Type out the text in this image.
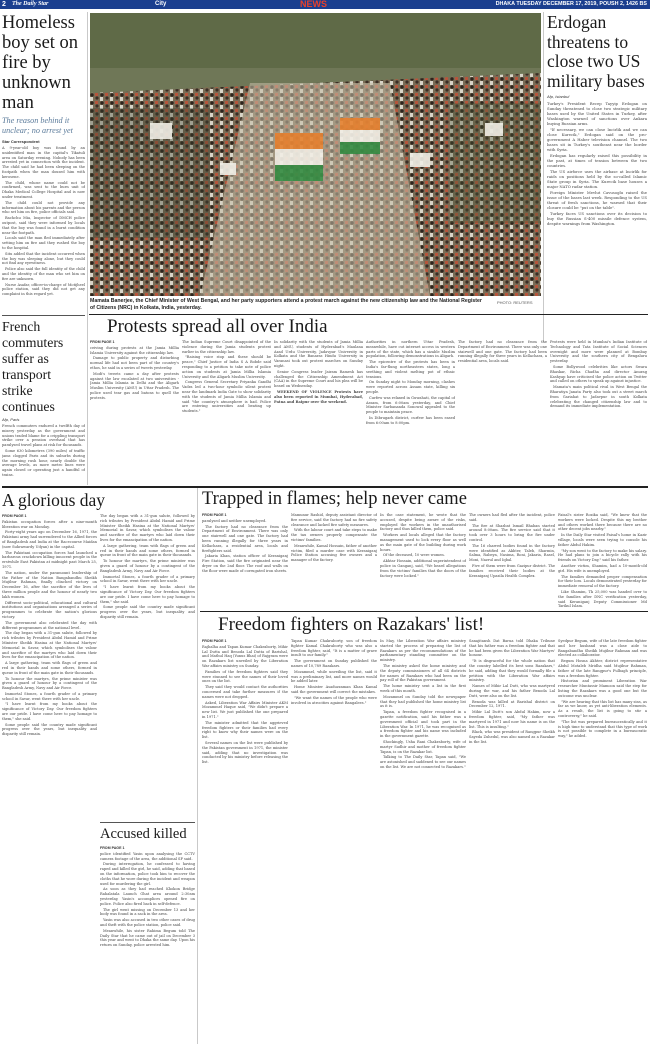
2 The Daily Star	City	NEWS	DHAKA TUESDAY DECEMBER 17, 2019, POUSH 2, 1426 BS
Homeless boy set on fire by unknown man
The reason behind it unclear; no arrest yet
Star Correspondent

A 9-year-old boy was found by an unidentified man in the capital's Tikatuli area on Saturday evening. Nobody has been arrested yet in connection with the incident. The child said he had been sleeping on the footpath when the man doused him with kerosene.

The child, whose name could not be confirmed, was sent to the burn unit of Dhaka Medical College Hospital and is now under treatment.

The child could not provide any information about his parents and the person who set him on fire, police officials said.

Bachchu Mia, Inspector of DMCH police outpost, said they were informed by locals that the boy was found in a burnt condition near the footpath.

Locals said the man fled immediately after setting him on fire and they rushed the boy to the hospital.

Situ added that the incident occurred when the boy was sleeping alone, but they could not find any eyewitness.

Police also said the full identity of the child and the identity of the man who set him on fire are unknown.

Nurse Asafar, officer-in-charge of Motijheel police station, said they did not get any complaint in this regard yet.

French commuters suffer as transport strike continues
Afp, Paris

French commuters endured a twelfth day of misery yesterday as the government and unions traded blame for a crippling transport strike over a pension overhaul that has paralysed travel plans at risk for thousands.

Some 630 kilometres (390 miles) of traffic jams clogged Paris and its suburbs during the morning rush hour, nearly double the average levels, as more metro lines were again closed or operating just a handful of trains.

Mamata Banerjee, the Chief Minister of West Bengal, and her party supporters attend a protest march against the new citizenship law and the National Register of Citizens (NRC) in Kolkata, India, yesterday.
PHOTO: REUTERS
Erdogan threatens to close two US military bases
Afp, Istanbul

Turkey's President Recep Tayyip Erdogan on Sunday threatened to close two strategic military bases used by the United States in Turkey, after Washington warned of sanctions over Ankara buying Russian arms.

"If necessary, we can close Incirlik and we can close Kurecik," Erdogan said on the pro-government A Haber television channel. The two bases sit in Turkey's southeast near the border with Syria.

Erdogan has regularly raised this possibility in the past, at times of tension between the two countries.

The US airforce uses the airbase at Incirlik for raids on positions held by the so-called Islamic State group in Syria. The Kurecik base houses a major NATO radar station.

Foreign Minister Mevlut Cavusoglu raised the issue of the bases last week. Responding to the US threat of fresh sanctions, he warned that their closure could be "put on the table".

Turkey faces US sanctions over its decision to buy the Russian S-400 missile defence system, despite warnings from Washington.

Protests spread all over India

FROM PAGE 1

ceiving during protests at the Jamia Millia Islamia University against the citizenship law.

Damage to public property and disturbing normal life had not been part of the country's ethos, he said in a series of tweets yesterday.

Modi's tweets came a day after protests against the law escalated at two universities - Jamia Millia Islamia in Delhi and the Aligarh Muslim University (AMU) in Uttar Pradesh. The police used tear gas and batons to quell the protests.

The Indian Supreme Court disappointed of the violence during the Jamia students protest earlier in the citizenship law.

"Raising voice stop and these should be peace," Chief Justice of India S A Bobde said responding to a petition to take note of police action on students at Jamia Millia Islamia University and the Aligarh Muslim University.

Congress General Secretary Priyanka Gandhi Vadra led a two-hour symbolic silent protest near the landmark India Gate to show solidarity with the students of Jamia Millia Islamia and said "the country's atmosphere is bad. Police are entering universities and beating up students."

In solidarity with the students of Jamia Millia and AMU, students of Hyderabad's Maulana Azad Urdu University, Jadavpur University in Kolkata and the Banaras Hindu University in Varanasi took out protest marches on Sunday night.

Senior Congress leader Jairam Ramesh has challenged the Citizenship Amendment Act (CAA) in the Supreme Court and his plea will be heard on Wednesday.

WEEKEND OF VIOLENCE Protests have also been reported in Mumbai, Hyderabad, Patna and Raipur over the weekend.

Authorities in northern Uttar Pradesh, meanwhile, have cut internet access in western parts of the state, which has a sizable Muslim population, following demonstrations in Aligarh.

The epicentre of the protests has been in India's far-flung northeastern states, long a seething and violent melting pot of ethnic tensions.

On Sunday night to Monday morning, clashes were reported across Assam state, killing six people.

Curfew was relaxed in Guwahati, the capital of Assam, from 6:00am yesterday, and Chief Minister Sarbananda Sonowal appealed to the people to maintain peace.

In Dibrugarh district, curfew has been eased from 6:00am to 8:00pm.

The factory had no clearance from the Department of Environment. There was only one stairwell and one gate. The factory had been running illegally for three years in Kellachara, a residential area, locals said.

Protests were held in Mumbai's Indian Institute of Technology and Tata Institute of Social Sciences overnight and more were planned at Bombay University and the southern city of Bengaluru yesterday.

Some Bollywood celebrities like actors Swara Bhaskar, Richa Chadha and director Anurag Kashyap have criticised the police action on Twitter and called on others to speak up against injustice.

Mamata's main political rival in West Bengal the Bharatiya Janata Party also took out a street march from Gariahat to Jadavpur in south Kolkata celebrating the changed citizenship law and to demand its immediate implementation.

A glorious day

FROM PAGE 1

Pakistan occupation forces after a nine-month liberation war on Monday.

Forty-eight years ago on December 16, 1971, the Pakistani army had surrendered to the Allied forces of Bangladesh and India at the Racecourse Maidan (now Suhrawardy Udyan) in the capital.

The Pakistani occupation forces had launched a barbarous crackdown killing innocent people in the erstwhile East Pakistan at midnight past March 25, 1971.

The nation, under the paramount leadership of the Father of the Nation Bangabandhu Sheikh Mujibur Rahman, finally clinched victory on December 16, after the sacrifice of the lives of three million people and the honour of nearly two lakh women.

Different socio-political, educational and cultural institutions and organisations arranged a series of programmes to celebrate the nation's glorious victory.

The government also celebrated the day with different programmes at the national level.

The day began with a 31-gun salute, followed by rich tributes by President Abdul Hamid and Prime Minister Sheikh Hasina at the National Martyrs' Memorial in Savar, which symbolises the valour and sacrifice of the martyrs who laid down their lives for the emancipation of the nation.

A large gathering, team with flags of green and red in their hands and some others, formed in queue in front of the main gate in their thousands.

To honour the martyrs, the prime minister was given a guard of honour by a contingent of the Bangladesh Army, Navy and Air Force.

Immortal Stones, a fourth grader of a primary school in Savar, went there with her uncle.

"I have learnt from my books about the significance of Victory Day. Our freedom fighters are our pride. I have come here to pay homage to them," she said.

Some people said the country made significant progress over the years, but inequality and disparity still remain.

The day began with a 31-gun salute, followed by rich tributes by President Abdul Hamid and Prime Minister Sheikh Hasina at the National Martyrs' Memorial in Savar, which symbolises the valour and sacrifice of the martyrs who laid down their lives for the emancipation of the nation.

A large gathering, team with flags of green and red in their hands and some others, formed in queue in front of the main gate in their thousands.

To honour the martyrs, the prime minister was given a guard of honour by a contingent of the Bangladesh Army, Navy and Air Force.

Immortal Stones, a fourth grader of a primary school in Savar, went there with her uncle.

"I have learnt from my books about the significance of Victory Day. Our freedom fighters are our pride. I have come here to pay homage to them," she said.

Some people said the country made significant progress over the years, but inequality and disparity still remain.

Accused killed

FROM PAGE 1

police identified Yasin upon analysing the CCTV camera footage of the area, the additional SP said.

During interrogation, he confessed to having raped and killed the girl, he said, adding that based on the information, police took him to recover the cloths that he wore during the incident and weapon used for murdering the girl.

As soon as they had reached Khokon Bridge Rahalatala Launch Ghat area around 2:30am yesterday, Yasin's accomplices opened fire on police. Police also fired back in self-defence.

The girl went missing on December 13 and her body was found in a sack in the area.

Yasin was also accused in two other cases of drug and theft with the police station, police said.

Meanwhile, his sister Rahima Begum told The Daily Star that he came out of jail on December 3 this year and went to Dhaka the same day. Upon his return on Sunday, police arrested him.

Trapped in flames; help never came

FROM PAGE 1

paralysed and neither unemployed.

The factory had no clearance from the Department of Environment. There was only one stairwell and one gate. The factory had been running illegally for three years in Kellachara, a residential area, locals and firefighters said.

Jakaria Khan, station officer of Keraniganj Fire Station, said the fire originated near the dryer on the 2nd floor. The roof and walls on the floor were made of corrugated iron sheets.

Mamunur Rashid, deputy assistant director of fire service, said the factory had no fire safety clearance and lacked fire safety measures.

With the labour court and take steps to make the tax owners properly compensate the victims' families.

Meanwhile, Kamal Hossain, father of another victim, filed a murder case with Keraniganj Police Station accusing five owners and a manager of the factory.

In the case statement, he wrote that the accused, despite being aware of the risks, employed the workers in the unauthorised factory and thus killed them, police said.

Workers and locals alleged that the factory management used to lock every floor as well as the main gate of the building during work hours.

Of the deceased, 10 were women.

Akhtar Hossain, additional superintendent of police in Ganganj, said, "We heard allegations from the victims' families that the doors of the factory were locked."

The owners had fled after the incident, police said.

The fire at Shazbat Ismail Bhaban started around 8:00am. The fire service said that it took over 3 hours to bring the fire under control.

The 16 charred bodies found in the factory were identified as Akhter, Taleb, Sharmin, Salma, Rabeya, Nasima, Roni, Jakaria, Rasel, Moni, Nazrul and Iqbal.

Five of them were from Gazipur district. The families received their bodies at the Keraniganj Upazila Health Complex.

Faisal's sister Rozika said, "We knew that the workers were locked. Despite this my brother and others worked there because there are no other decent jobs nearby."

In the Daily Star visited Faisal's home in Kazir village, locals were seen trying to console his father Abdul Hakim.

"My son went to the factory to make his salary. He had plans to join a bicycle rally with his friends on Victory Day," said his father.

Another victim, Shamim, had a 10-month-old girl. His wife is unemployed.

The families demanded proper compensation for their loss. Locals demonstrated yesterday for immediate removal of the factory.

Like Shamim, Tk 25,000 was handed over to the families after DNC verification yesterday, said Keraniganj Deputy Commissioner Md Tarikul Islam.

Freedom fighters on Razakars' list!

FROM PAGE 1

Rajbalha and Tapan Kumar Chakraborty, Mihir Lal Dutta and Benoda Lal Dutta of Barishal, and Mathul Haq (Yunus Bhai) of Rajgram were on Razakars list unveiled by the Liberation War affairs ministry on Sunday.

Families of the freedom fighters said they were stunned to see the names of their loved ones on the list.

They said they would contact the authorities concerned and take further measures if the names were not dropped.

Asked, Liberation War Affairs Minister AKM Mozammel Haque said, "We didn't prepare a new list. We just published the one prepared in 1971."

The minister admitted that the aggrieved freedom fighters or their families had every right to know why their names were on the list.

Several names on the list were published by the Pakistan government in 1971, the minister said, adding that no investigation was conducted by his ministry before releasing the list.

Tapan Kumar Chakraborty, son of freedom fighter Kamal Chakraborty who was also a freedom fighter, said, "It is a matter of grave insult to our family."

The government on Sunday published the names of 10,789 Razakars.

Mozammel, while unveiling the list, said it was a preliminary list, and more names would be added later.

Home Minister Asaduzzaman Khan Kamal said the government will correct the mistakes.

"We want the names of the people who were involved in atrocities against Bangalees."

In May, the Liberation War affairs ministry started the process of preparing the list of Razakars as per the recommendations of the parliamentary standing committee on the ministry.

The ministry asked the home ministry and the deputy commissioners of all 64 districts for names of Razakars who had been on the pay roll of the Pakistan government.

The home ministry sent a list in the first week of this month.

Mozammel on Sunday told the newspaper that they had published the home ministry list as it is.

Tapan, a freedom fighter recognised in a gazette notification, said his father was a government official and took part in the Liberation War. In 1971, he was recognised as a freedom fighter and his name was included in the government gazette.

Shockingly, Usha Rani Chakraborty, wife of martyr Sudhir and mother of freedom fighter Tapan, is on the Razakar list.

Talking to The Daily Star, Tapan said, "We are astonished and saddened to see our names on the list. We are not connected to Razakars."

Sanajitansh Dat Barua told Dhaka Tribune that his father was a freedom fighter and that he had been given the Liberation War Martyrs' honour.

"It is disgraceful for the whole nation that the country labelled its best sons Razakars," he said, adding that they would formally file a petition with the Liberation War affairs ministry.

Names of Mihir Lal Dutt, who was martyred during the war, and his father Benoda Lal Dutt, were also on the list.

Benoda was killed at Barishal district on December 12, 1971.

Mihir Lal Dutt's son Abdul Hakim, now a freedom fighter, said, "My father was martyred in 1971 and now his name is on the list. This is insulting."

Black, who was president of Rangpur Sheikh Sayeda Zuhedul, was also named as a Razakar in the list.

Syedpur Begum, wife of the late freedom fighter and her husband was a close aide to Bangabandhu Sheikh Mujibur Rahman and was elected as collaborator.

Begum Hosna Akhter, district representative Abdul Motaleb Mridha said Mujibur Rahman, father of the late Rangpur's Fulbagh principle, was a freedom fighter.

Historian and prominent Liberation War researcher Muntassir Mamoon said the step for listing the Razakars was a good one but the outcome was unclear.

"We are hearing that this list has many sins, as far as we know, as yet anti-liberation elements. As a result, the list is going to stir a controversy," he said.

"The list was prepared bureaucratically and it is high time to understand that this type of work is not possible to complete in a bureaucratic way," he added.
